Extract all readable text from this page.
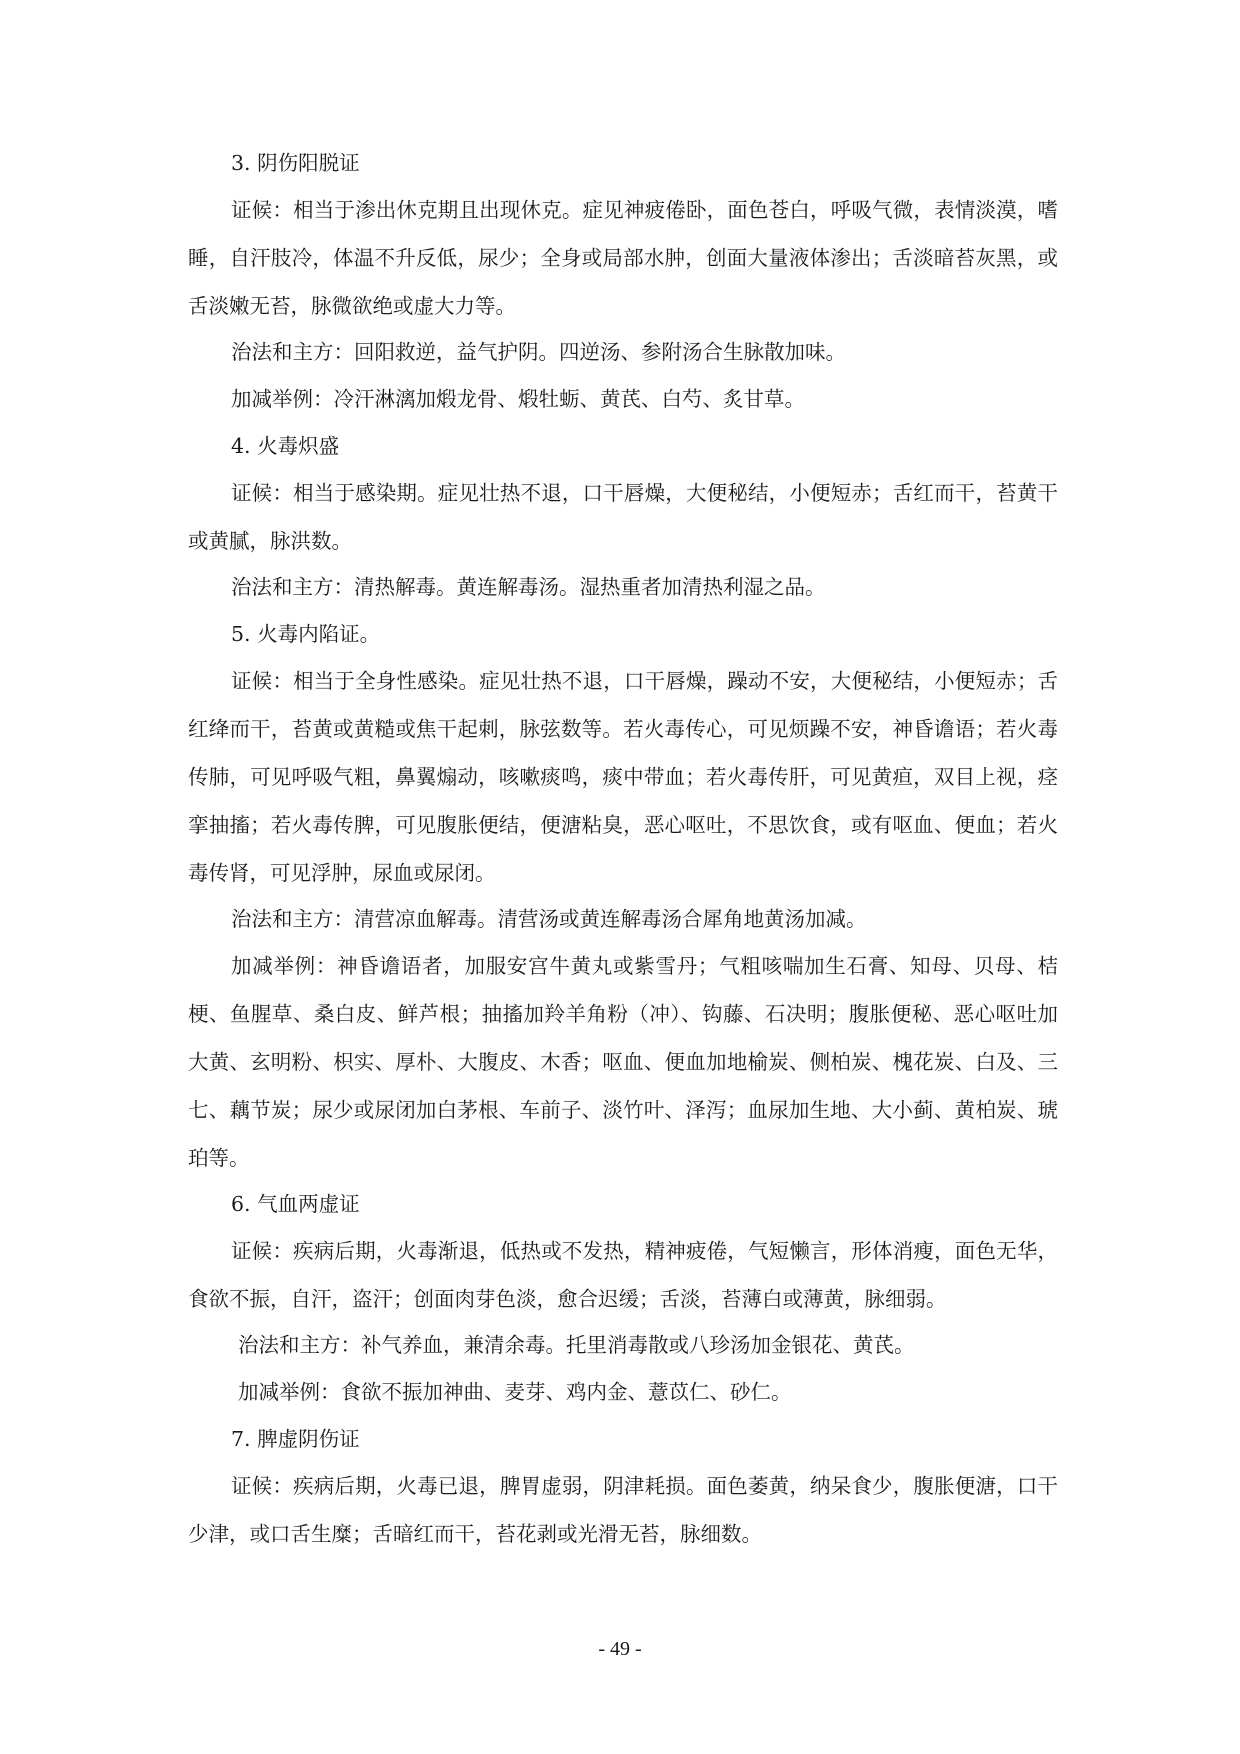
3. 阴伤阳脱证

证候：相当于渗出休克期且出现休克。症见神疲倦卧，面色苍白，呼吸气微，表情淡漠，嗜睡，自汗肢冷，体温不升反低，尿少；全身或局部水肿，创面大量液体渗出；舌淡暗苔灰黑，或舌淡嫩无苔，脉微欲绝或虚大力等。

治法和主方：回阳救逆，益气护阴。四逆汤、参附汤合生脉散加味。

加减举例：冷汗淋漓加煅龙骨、煅牡蛎、黄芪、白芍、炙甘草。

4. 火毒炽盛

证候：相当于感染期。症见壮热不退，口干唇燥，大便秘结，小便短赤；舌红而干，苔黄干或黄腻，脉洪数。

治法和主方：清热解毒。黄连解毒汤。湿热重者加清热利湿之品。

5. 火毒内陷证。

证候：相当于全身性感染。症见壮热不退，口干唇燥，躁动不安，大便秘结，小便短赤；舌红绛而干，苔黄或黄糙或焦干起刺，脉弦数等。若火毒传心，可见烦躁不安，神昏谵语；若火毒传肺，可见呼吸气粗，鼻翼煽动，咳嗽痰鸣，痰中带血；若火毒传肝，可见黄疸，双目上视，痉挛抽搐；若火毒传脾，可见腹胀便结，便溏粘臭，恶心呕吐，不思饮食，或有呕血、便血；若火毒传肾，可见浮肿，尿血或尿闭。

治法和主方：清营凉血解毒。清营汤或黄连解毒汤合犀角地黄汤加减。

加减举例：神昏谵语者，加服安宫牛黄丸或紫雪丹；气粗咳喘加生石膏、知母、贝母、桔梗、鱼腥草、桑白皮、鲜芦根；抽搐加羚羊角粉（冲）、钩藤、石决明；腹胀便秘、恶心呕吐加大黄、玄明粉、枳实、厚朴、大腹皮、木香；呕血、便血加地榆炭、侧柏炭、槐花炭、白及、三七、藕节炭；尿少或尿闭加白茅根、车前子、淡竹叶、泽泻；血尿加生地、大小蓟、黄柏炭、琥珀等。

6. 气血两虚证

证候：疾病后期，火毒渐退，低热或不发热，精神疲倦，气短懒言，形体消瘦，面色无华，食欲不振，自汗，盗汗；创面肉芽色淡，愈合迟缓；舌淡，苔薄白或薄黄，脉细弱。

治法和主方：补气养血，兼清余毒。托里消毒散或八珍汤加金银花、黄芪。

加减举例：食欲不振加神曲、麦芽、鸡内金、薏苡仁、砂仁。

7. 脾虚阴伤证

证候：疾病后期，火毒已退，脾胃虚弱，阴津耗损。面色萎黄，纳呆食少，腹胀便溏，口干少津，或口舌生糜；舌暗红而干，苔花剥或光滑无苔，脉细数。

- 49 -
